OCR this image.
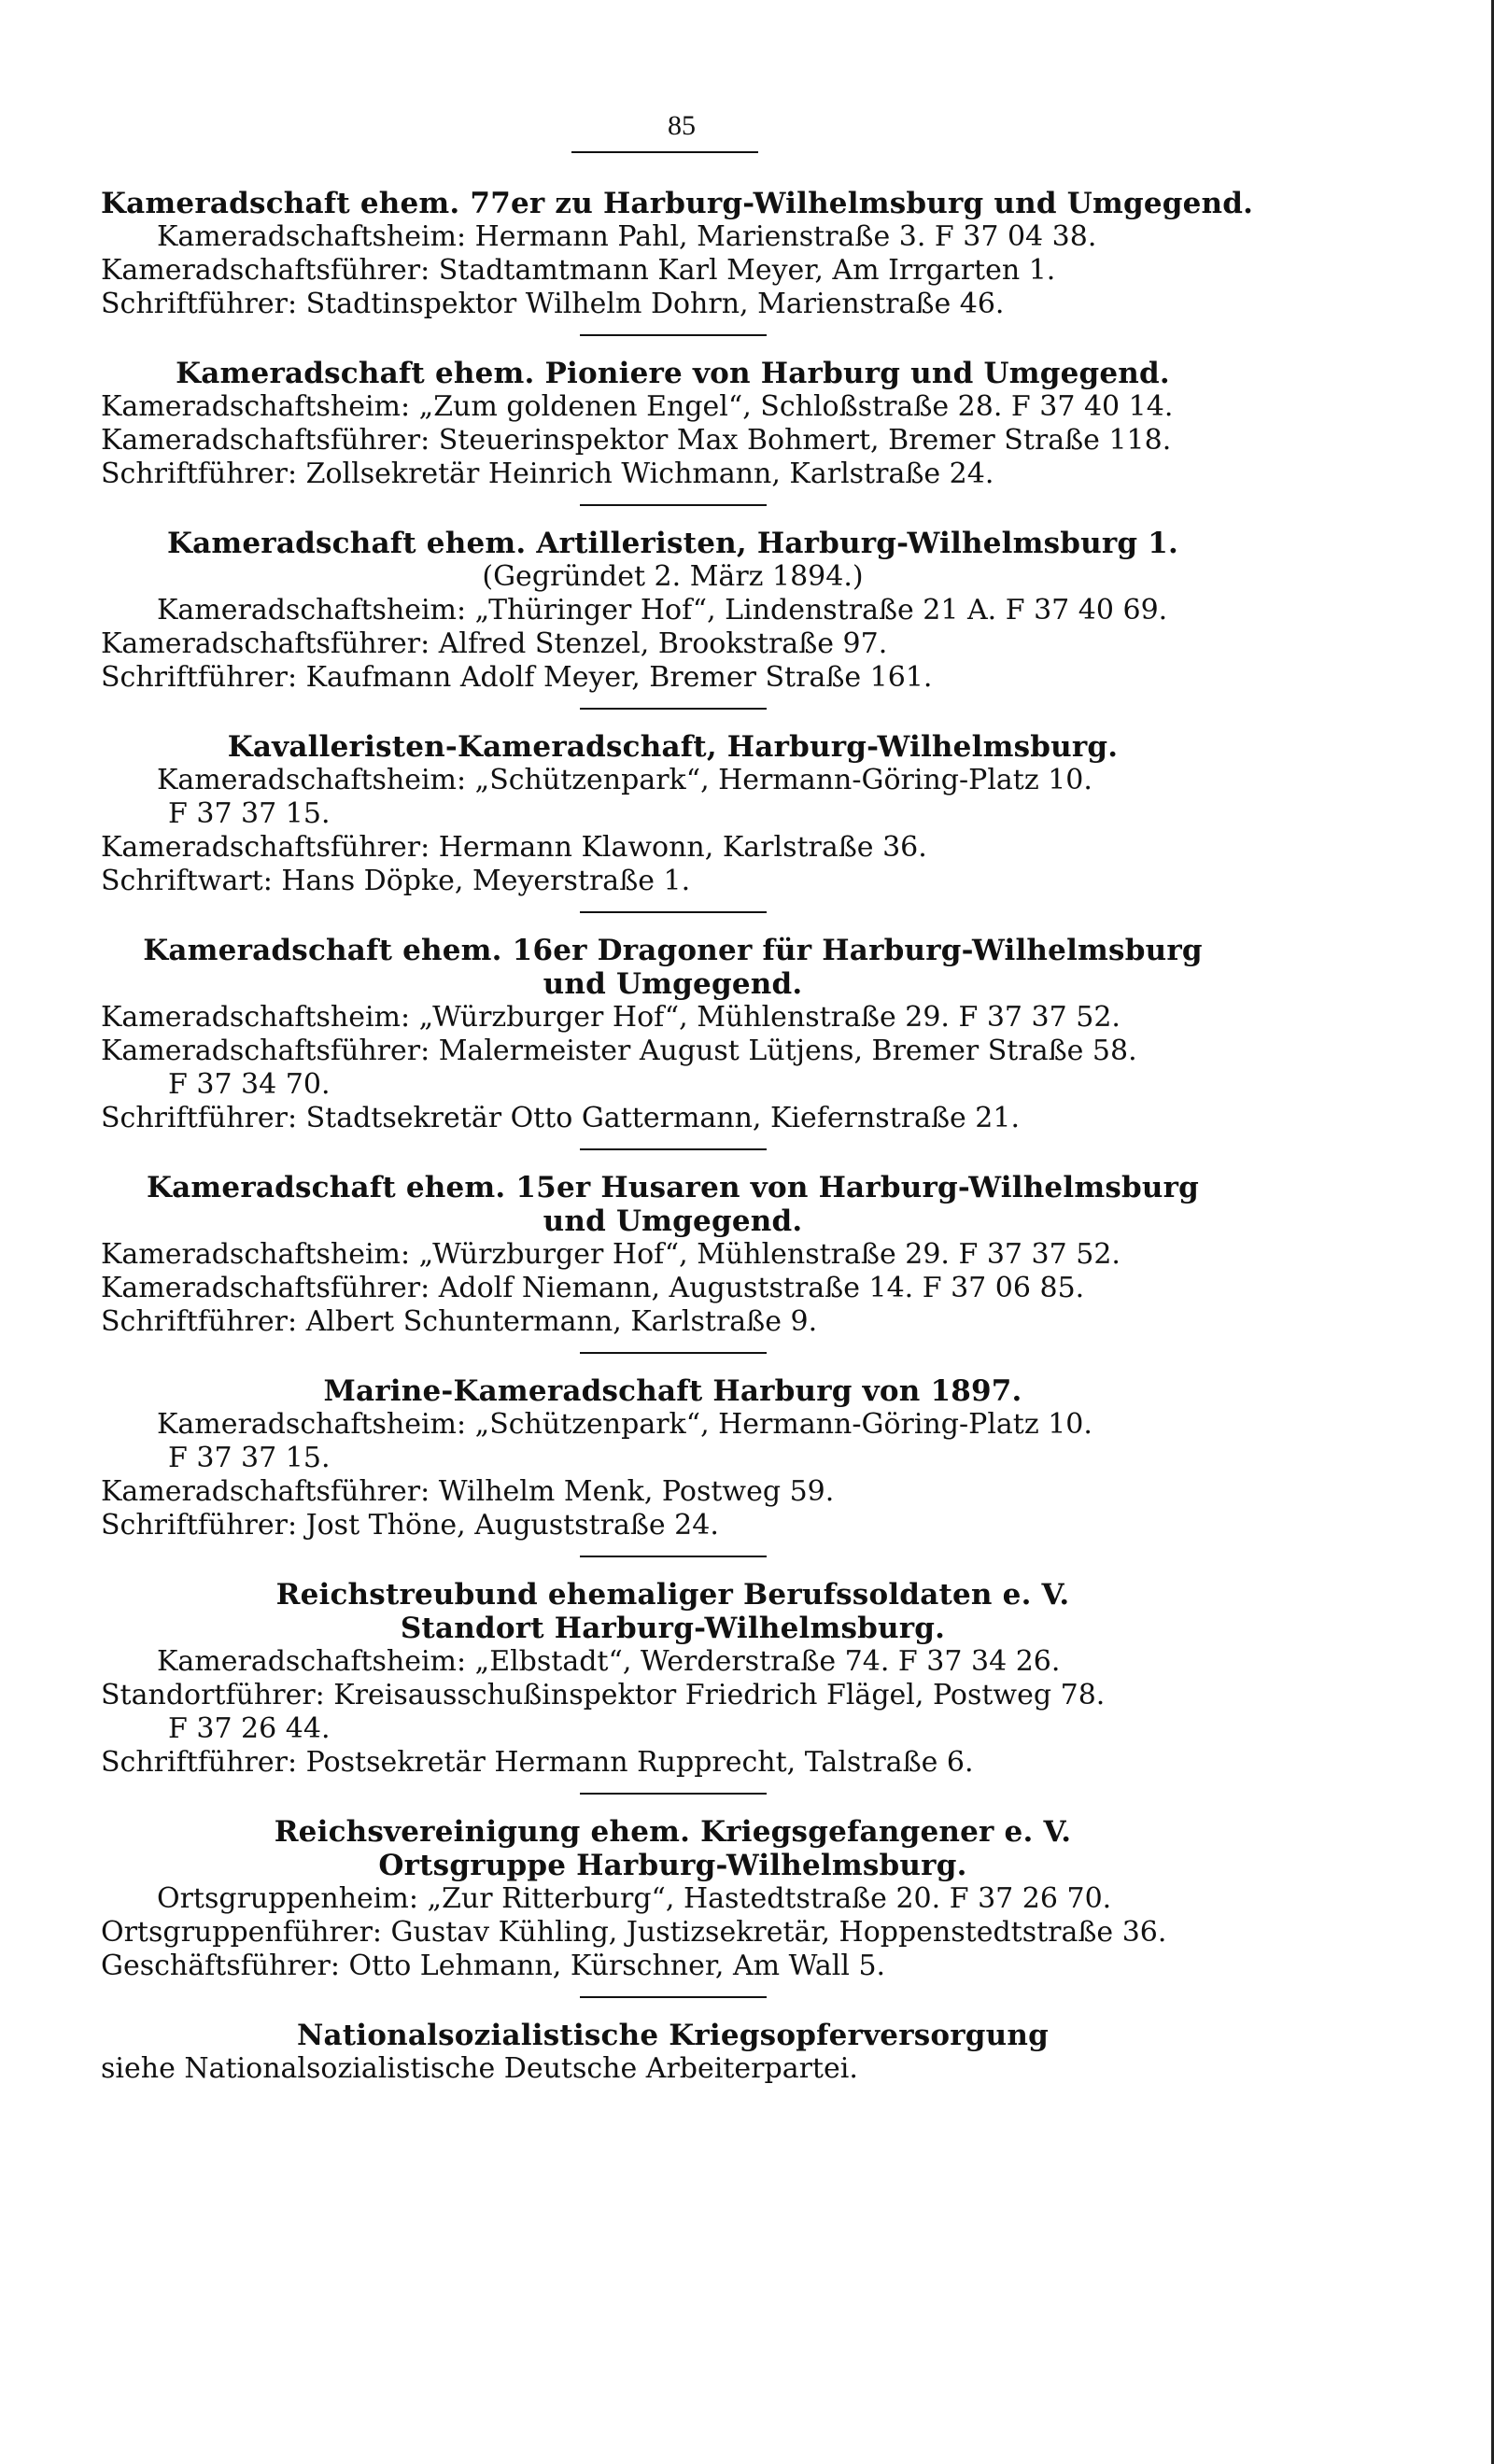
85
Kameradschaft ehem. 77er zu Harburg-Wilhelmsburg und Umgegend.
Kameradschaftsheim: Hermann Pahl, Marienstraße 3. F 37 04 38.
Kameradschaftsführer: Stadtamtmann Karl Meyer, Am Irrgarten 1.
Schriftführer: Stadtinspektor Wilhelm Dohrn, Marienstraße 46.
Kameradschaft ehem. Pioniere von Harburg und Umgegend.
Kameradschaftsheim: „Zum goldenen Engel“, Schloßstraße 28. F 37 40 14.
Kameradschaftsführer: Steuerinspektor Max Bohmert, Bremer Straße 118.
Schriftführer: Zollsekretär Heinrich Wichmann, Karlstraße 24.
Kameradschaft ehem. Artilleristen, Harburg-Wilhelmsburg 1.
(Gegründet 2. März 1894.)
Kameradschaftsheim: „Thüringer Hof“, Lindenstraße 21 A. F 37 40 69.
Kameradschaftsführer: Alfred Stenzel, Brookstraße 97.
Schriftführer: Kaufmann Adolf Meyer, Bremer Straße 161.
Kavalleristen-Kameradschaft, Harburg-Wilhelmsburg.
Kameradschaftsheim: „Schützenpark“, Hermann-Göring-Platz 10.
F 37 37 15.
Kameradschaftsführer: Hermann Klawonn, Karlstraße 36.
Schriftwart: Hans Döpke, Meyerstraße 1.
Kameradschaft ehem. 16er Dragoner für Harburg-Wilhelmsburg
und Umgegend.
Kameradschaftsheim: „Würzburger Hof“, Mühlenstraße 29. F 37 37 52.
Kameradschaftsführer: Malermeister August Lütjens, Bremer Straße 58.
F 37 34 70.
Schriftführer: Stadtsekretär Otto Gattermann, Kiefernstraße 21.
Kameradschaft ehem. 15er Husaren von Harburg-Wilhelmsburg
und Umgegend.
Kameradschaftsheim: „Würzburger Hof“, Mühlenstraße 29. F 37 37 52.
Kameradschaftsführer: Adolf Niemann, Auguststraße 14. F 37 06 85.
Schriftführer: Albert Schuntermann, Karlstraße 9.
Marine-Kameradschaft Harburg von 1897.
Kameradschaftsheim: „Schützenpark“, Hermann-Göring-Platz 10.
F 37 37 15.
Kameradschaftsführer: Wilhelm Menk, Postweg 59.
Schriftführer: Jost Thöne, Auguststraße 24.
Reichstreubund ehemaliger Berufssoldaten e. V.
Standort Harburg-Wilhelmsburg.
Kameradschaftsheim: „Elbstadt“, Werderstraße 74. F 37 34 26.
Standortführer: Kreisausschußinspektor Friedrich Flägel, Postweg 78.
F 37 26 44.
Schriftführer: Postsekretär Hermann Rupprecht, Talstraße 6.
Reichsvereinigung ehem. Kriegsgefangener e. V.
Ortsgruppe Harburg-Wilhelmsburg.
Ortsgruppenheim: „Zur Ritterburg“, Hastedtstraße 20. F 37 26 70.
Ortsgruppenführer: Gustav Kühling, Justizsekretär, Hoppenstedtstraße 36.
Geschäftsführer: Otto Lehmann, Kürschner, Am Wall 5.
Nationalsozialistische Kriegsopferversorgung
siehe Nationalsozialistische Deutsche Arbeiterpartei.
